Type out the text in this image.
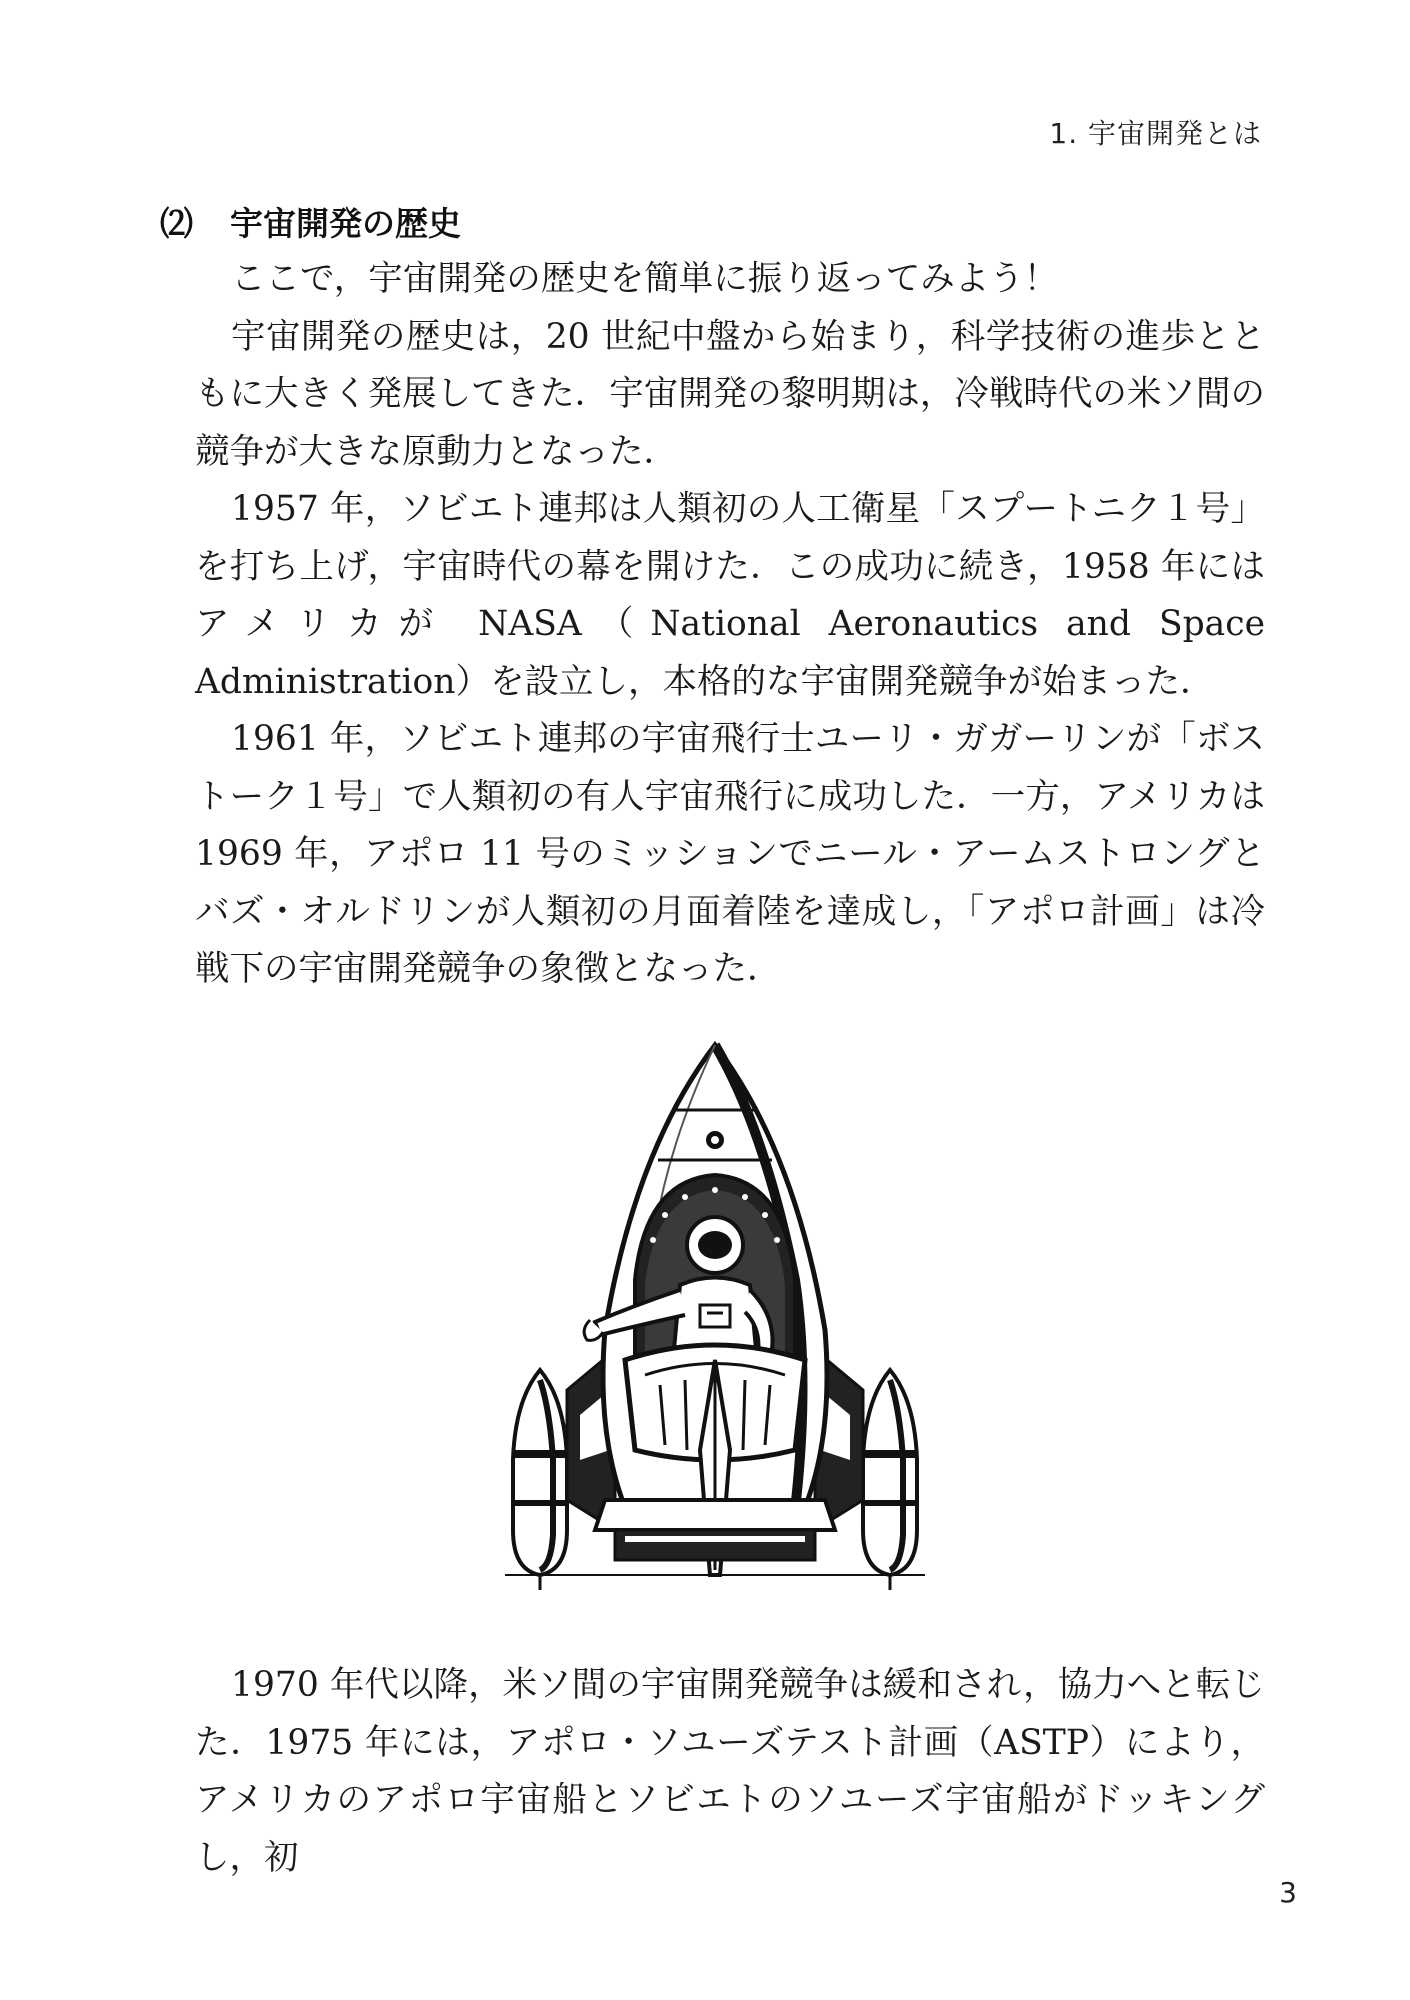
1. 宇宙開発とは
⑵ 宇宙開発の歴史

ここで，宇宙開発の歴史を簡単に振り返ってみよう！

宇宙開発の歴史は，20 世紀中盤から始まり，科学技術の進歩とともに大きく発展してきた．宇宙開発の黎明期は，冷戦時代の米ソ間の競争が大きな原動力となった．

1957 年，ソビエト連邦は人類初の人工衛星「スプートニク１号」を打ち上げ，宇宙時代の幕を開けた．この成功に続き，1958 年にはアメリカが NASA（National Aeronautics and Space Administration）を設立し，本格的な宇宙開発競争が始まった．

1961 年，ソビエト連邦の宇宙飛行士ユーリ・ガガーリンが「ボストーク１号」で人類初の有人宇宙飛行に成功した．一方，アメリカは 1969 年，アポロ 11 号のミッションでニール・アームストロングとバズ・オルドリンが人類初の月面着陸を達成し，「アポロ計画」は冷戦下の宇宙開発競争の象徴となった．

1970 年代以降，米ソ間の宇宙開発競争は緩和され，協力へと転じた．1975 年には，アポロ・ソユーズテスト計画（ASTP）により，アメリカのアポロ宇宙船とソビエトのソユーズ宇宙船がドッキングし，初

3
